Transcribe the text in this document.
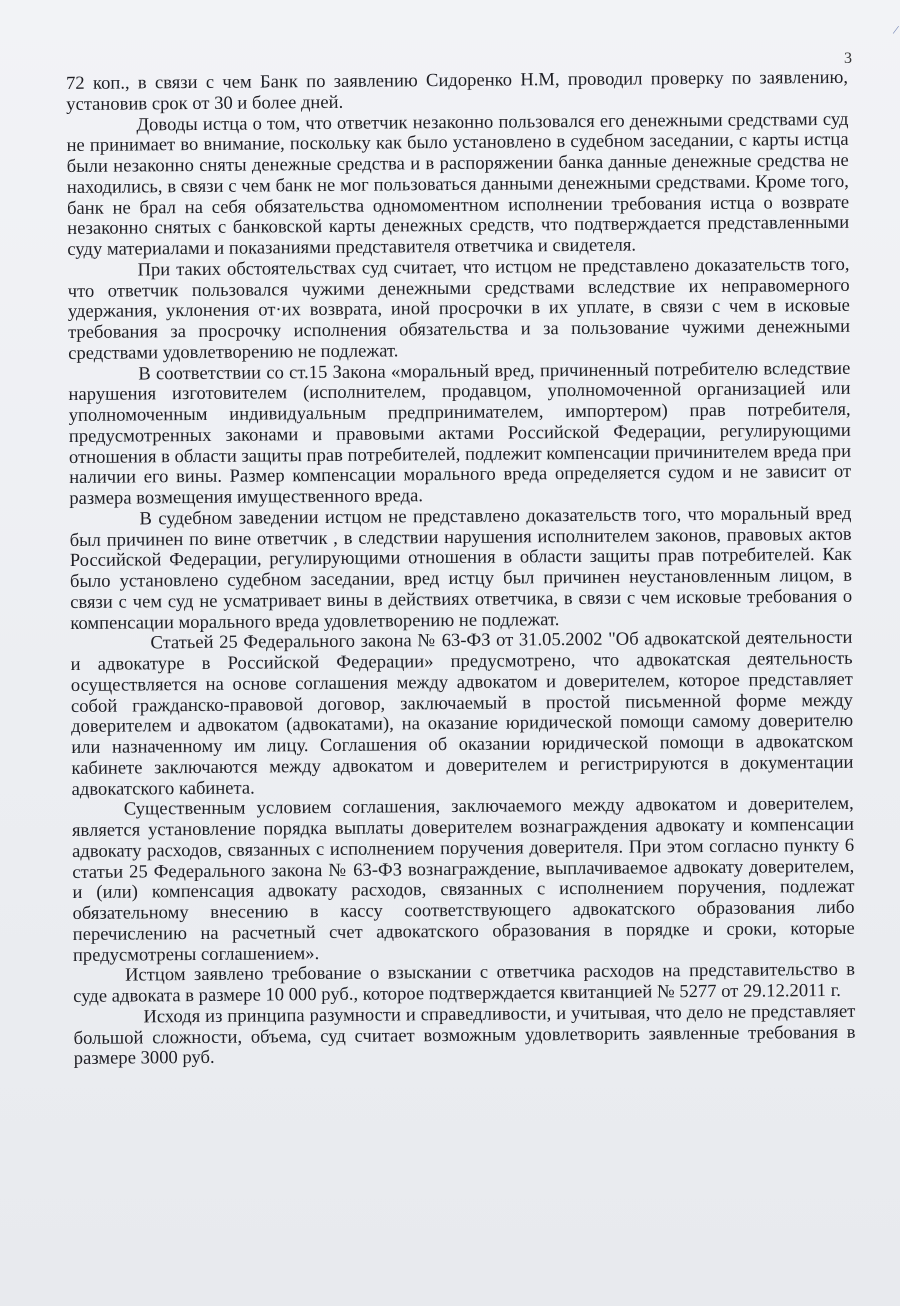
/
3

72 коп., в связи с чем Банк по заявлению Сидоренко Н.М, проводил проверку по заявлению, установив срок от 30 и более дней.

Доводы истца о том, что ответчик незаконно пользовался его денежными средствами суд не принимает во внимание, поскольку как было установлено в судебном заседании, с карты истца были незаконно сняты денежные средства и в распоряжении банка данные денежные средства не находились, в связи с чем банк не мог пользоваться данными денежными средствами. Кроме того, банк не брал на себя обязательства одномоментном исполнении требования истца о возврате незаконно снятых с банковской карты денежных средств, что подтверждается представленными суду материалами и показаниями представителя ответчика и свидетеля.

При таких обстоятельствах суд считает, что истцом не представлено доказательств того, что ответчик пользовался чужими денежными средствами вследствие их неправомерного удержания, уклонения от·их возврата, иной просрочки в их уплате, в связи с чем в исковые требования за просрочку исполнения обязательства и за пользование чужими денежными средствами удовлетворению не подлежат.

В соответствии со ст.15 Закона «моральный вред, причиненный потребителю вследствие нарушения изготовителем (исполнителем, продавцом, уполномоченной организацией или уполномоченным индивидуальным предпринимателем, импортером) прав потребителя, предусмотренных законами и правовыми актами Российской Федерации, регулирующими отношения в области защиты прав потребителей, подлежит компенсации причинителем вреда при наличии его вины. Размер компенсации морального вреда определяется судом и не зависит от размера возмещения имущественного вреда.

В судебном заведении истцом не представлено доказательств того, что моральный вред был причинен по вине ответчик , в следствии нарушения исполнителем законов, правовых актов Российской Федерации, регулирующими отношения в области защиты прав потребителей. Как было установлено судебном заседании, вред истцу был причинен неустановленным лицом, в связи с чем суд не усматривает вины в действиях ответчика, в связи с чем исковые требования о компенсации морального вреда удовлетворению не подлежат.

Статьей 25 Федерального закона № 63-ФЗ от 31.05.2002 "Об адвокатской деятельности и адвокатуре в Российской Федерации» предусмотрено, что адвокатская деятельность осуществляется на основе соглашения между адвокатом и доверителем, которое представляет собой гражданско-правовой договор, заключаемый в простой письменной форме между доверителем и адвокатом (адвокатами), на оказание юридической помощи самому доверителю или назначенному им лицу. Соглашения об оказании юридической помощи в адвокатском кабинете заключаются между адвокатом и доверителем и регистрируются в документации адвокатского кабинета.

Существенным условием соглашения, заключаемого между адвокатом и доверителем, является установление порядка выплаты доверителем вознаграждения адвокату и компенсации адвокату расходов, связанных с исполнением поручения доверителя. При этом согласно пункту 6 статьи 25 Федерального закона № 63-ФЗ вознаграждение, выплачиваемое адвокату доверителем, и (или) компенсация адвокату расходов, связанных с исполнением поручения, подлежат обязательному внесению в кассу соответствующего адвокатского образования либо перечислению на расчетный счет адвокатского образования в порядке и сроки, которые предусмотрены соглашением».

Истцом заявлено требование о взыскании с ответчика расходов на представительство в суде адвоката в размере 10 000 руб., которое подтверждается квитанцией № 5277 от 29.12.2011 г.

Исходя из принципа разумности и справедливости, и учитывая, что дело не представляет большой сложности, объема, суд считает возможным удовлетворить заявленные требования в размере 3000 руб.
